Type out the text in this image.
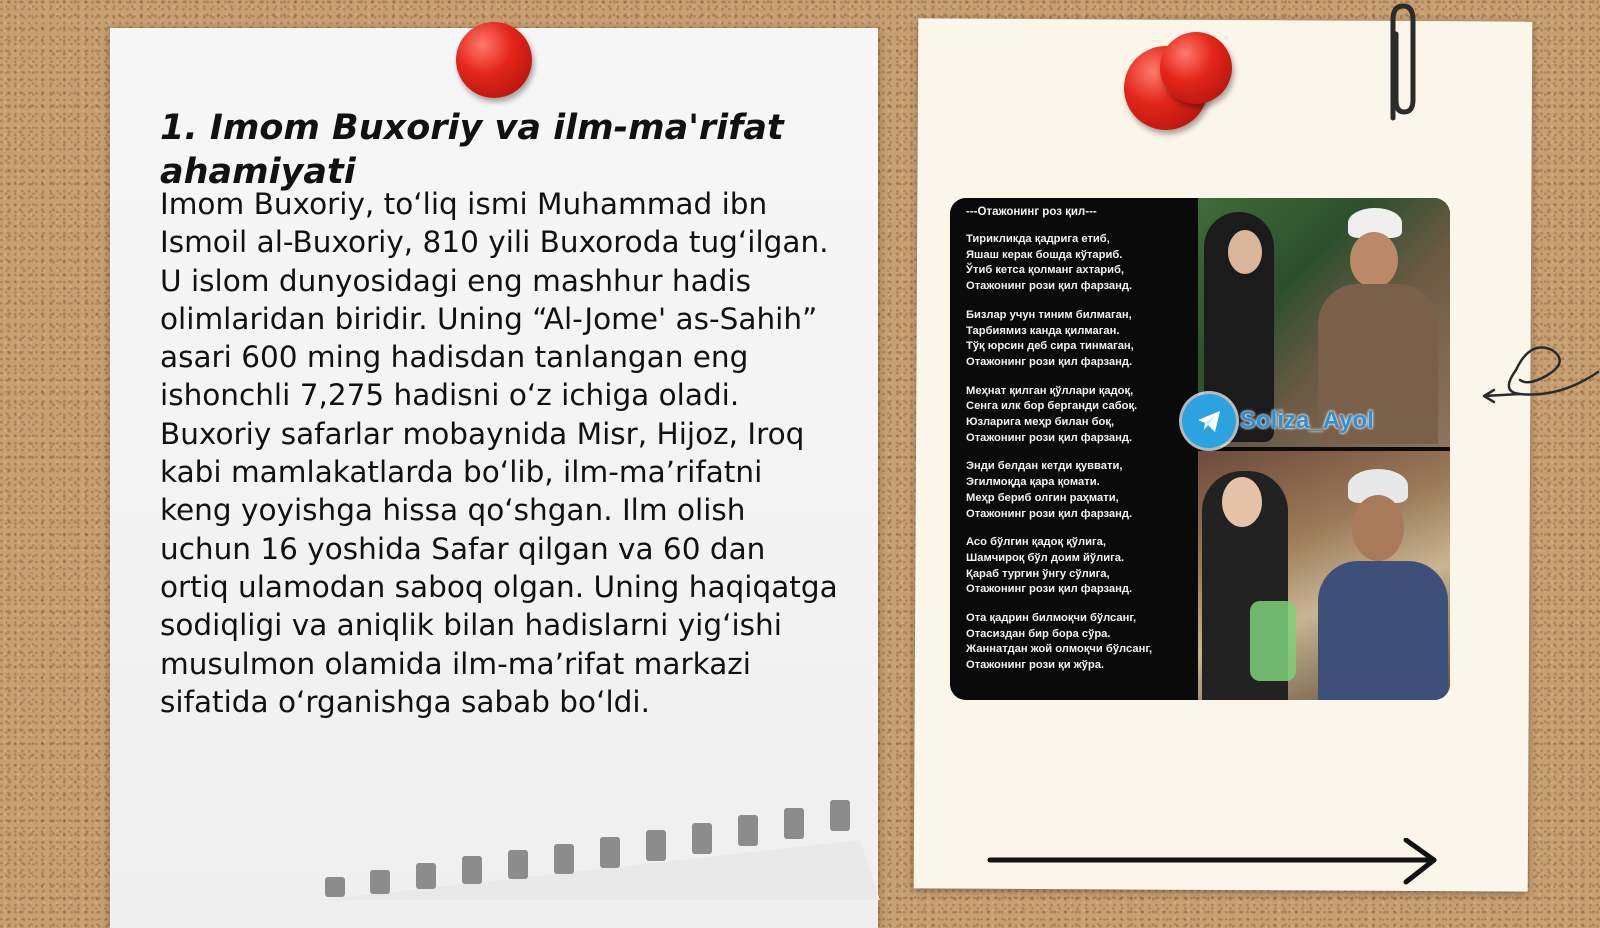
1. Imom Buxoriy va ilm-ma'rifat ahamiyati

Imom Buxoriy, to‘liq ismi Muhammad ibn Ismoil al-Buxoriy, 810 yili Buxoroda tug‘ilgan. U islom dunyosidagi eng mashhur hadis olimlaridan biridir. Uning “Al-Jome' as-Sahih” asari 600 ming hadisdan tanlangan eng ishonchli 7,275 hadisni o‘z ichiga oladi. Buxoriy safarlar mobaynida Misr, Hijoz, Iroq kabi mamlakatlarda bo‘lib, ilm-ma’rifatni keng yoyishga hissa qo‘shgan. Ilm olish uchun 16 yoshida Safar qilgan va 60 dan ortiq ulamodan saboq olgan. Uning haqiqatga sodiqligi va aniqlik bilan hadislarni yig‘ishi musulmon olamida ilm-ma’rifat markazi sifatida o‘rganishga sabab bo‘ldi.

---Отажонинг роз қил---
Тирикликда қадрига етиб,
Яшаш керак бошда кўтариб.
Ўтиб кетса қолманг ахтариб,
Отажонинг рози қил фарзанд.
Бизлар учун тиним билмаган,
Тарбиямиз канда қилмаган.
Тўқ юрсин деб сира тинмаган,
Отажонинг рози қил фарзанд.
Меҳнат қилган қўллари қадоқ,
Сенга илк бор берганди сабоқ.
Юзларига меҳр билан боқ,
Отажонинг рози қил фарзанд.
Энди белдан кетди қуввати,
Эгилмоқда қара қомати.
Меҳр бериб олгин раҳмати,
Отажонинг рози қил фарзанд.
Асо бўлгин қадоқ қўлига,
Шамчироқ бўл доим йўлига.
Қараб тургин ўнгу сўлига,
Отажонинг рози қил фарзанд.
Ота қадрин билмоқчи бўлсанг,
Отасиздан бир бора сўра.
Жаннатдан жой олмоқчи бўлсанг,
Отажонинг рози қи жўра.
Soliza_Ayol
